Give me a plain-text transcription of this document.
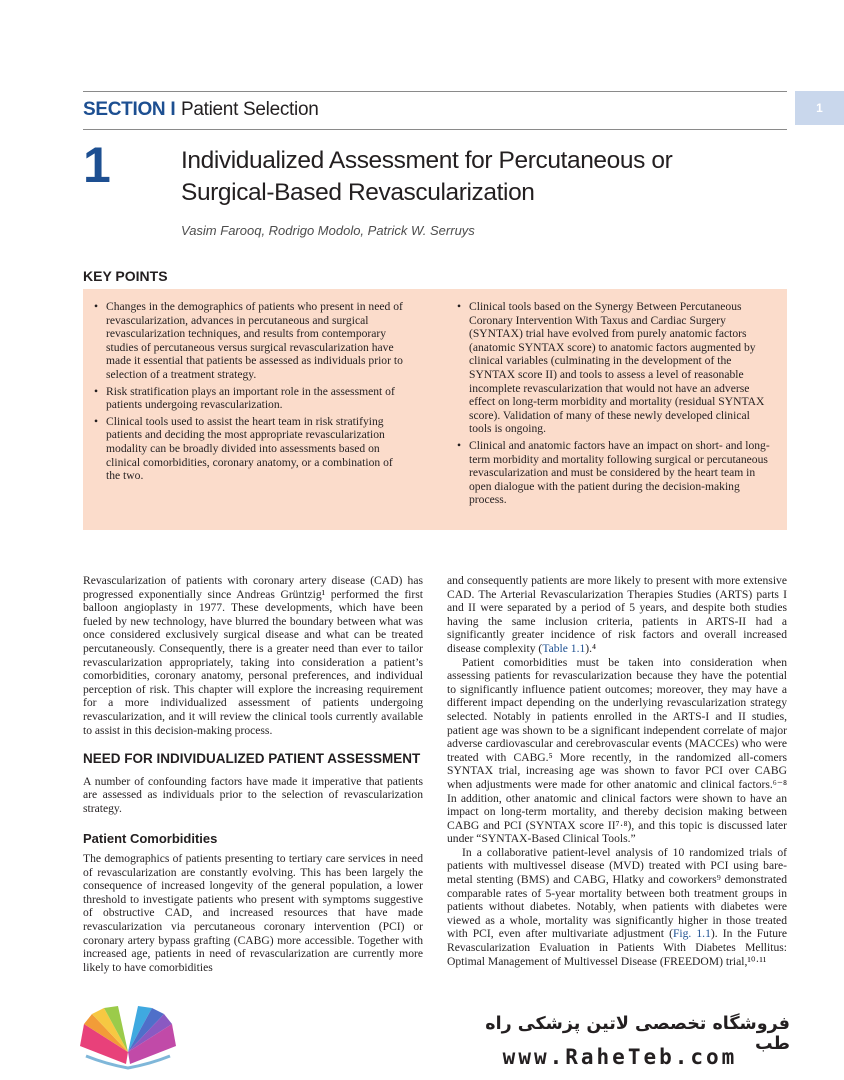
SECTION I Patient Selection	1
1	Individualized Assessment for Percutaneous or Surgical-Based Revascularization
Vasim Farooq, Rodrigo Modolo, Patrick W. Serruys
KEY POINTS
• Changes in the demographics of patients who present in need of revascularization, advances in percutaneous and surgical revascularization techniques, and results from contemporary studies of percutaneous versus surgical revascularization have made it essential that patients be assessed as individuals prior to selection of a treatment strategy.
• Risk stratification plays an important role in the assessment of patients undergoing revascularization.
• Clinical tools used to assist the heart team in risk stratifying patients and deciding the most appropriate revascularization modality can be broadly divided into assessments based on clinical comorbidities, coronary anatomy, or a combination of the two.
• Clinical tools based on the Synergy Between Percutaneous Coronary Intervention With Taxus and Cardiac Surgery (SYNTAX) trial have evolved from purely anatomic factors (anatomic SYNTAX score) to anatomic factors augmented by clinical variables (culminating in the development of the SYNTAX score II) and tools to assess a level of reasonable incomplete revascularization that would not have an adverse effect on long-term morbidity and mortality (residual SYNTAX score). Validation of many of these newly developed clinical tools is ongoing.
• Clinical and anatomic factors have an impact on short- and long-term morbidity and mortality following surgical or percutaneous revascularization and must be considered by the heart team in open dialogue with the patient during the decision-making process.

Revascularization of patients with coronary artery disease (CAD) has progressed exponentially since Andreas Grüntzig¹ performed the first balloon angioplasty in 1977. These developments, which have been fueled by new technology, have blurred the boundary between what was once considered exclusively surgical disease and what can be treated percutaneously. Consequently, there is a greater need than ever to tailor revascularization appropriately, taking into consideration a patient’s comorbidities, coronary anatomy, personal preferences, and individual perception of risk. This chapter will explore the increasing requirement for a more individualized assessment of patients undergoing revascularization, and it will review the clinical tools currently available to assist in this decision-making process.

NEED FOR INDIVIDUALIZED PATIENT ASSESSMENT

A number of confounding factors have made it imperative that patients are assessed as individuals prior to the selection of revascularization strategy.

Patient Comorbidities

The demographics of patients presenting to tertiary care services in need of revascularization are constantly evolving. This has been largely the consequence of increased longevity of the general population, a lower threshold to investigate patients who present with symptoms suggestive of obstructive CAD, and increased resources that have made revascularization via percutaneous coronary intervention (PCI) or coronary artery bypass grafting (CABG) more accessible. Together with increased age, patients in need of revascularization are currently more likely to have comorbidities

and consequently patients are more likely to present with more extensive CAD. The Arterial Revascularization Therapies Studies (ARTS) parts I and II were separated by a period of 5 years, and despite both studies having the same inclusion criteria, patients in ARTS-II had a significantly greater incidence of risk factors and overall increased disease complexity (Table 1.1).⁴

Patient comorbidities must be taken into consideration when assessing patients for revascularization because they have the potential to significantly influence patient outcomes; moreover, they may have a different impact depending on the underlying revascularization strategy selected. Notably in patients enrolled in the ARTS-I and II studies, patient age was shown to be a significant independent correlate of major adverse cardiovascular and cerebrovascular events (MACCEs) who were treated with CABG.⁵ More recently, in the randomized all-comers SYNTAX trial, increasing age was shown to favor PCI over CABG when adjustments were made for other anatomic and clinical factors.⁶⁻⁸ In addition, other anatomic and clinical factors were shown to have an impact on long-term mortality, and thereby decision making between CABG and PCI (SYNTAX score II⁷·⁸), and this topic is discussed later under “SYNTAX-Based Clinical Tools.”

In a collaborative patient-level analysis of 10 randomized trials of patients with multivessel disease (MVD) treated with PCI using bare-metal stenting (BMS) and CABG, Hlatky and coworkers⁹ demonstrated comparable rates of 5-year mortality between both treatment groups in patients without diabetes. Notably, when patients with diabetes were viewed as a whole, mortality was significantly higher in those treated with PCI, even after multivariate adjustment (Fig. 1.1). In the Future Revascularization Evaluation in Patients With Diabetes Mellitus: Optimal Management of Multivessel Disease (FREEDOM) trial,¹⁰·¹¹

فروشگاه تخصصی لاتین پزشکی راه طب
www.RaheTeb.com
